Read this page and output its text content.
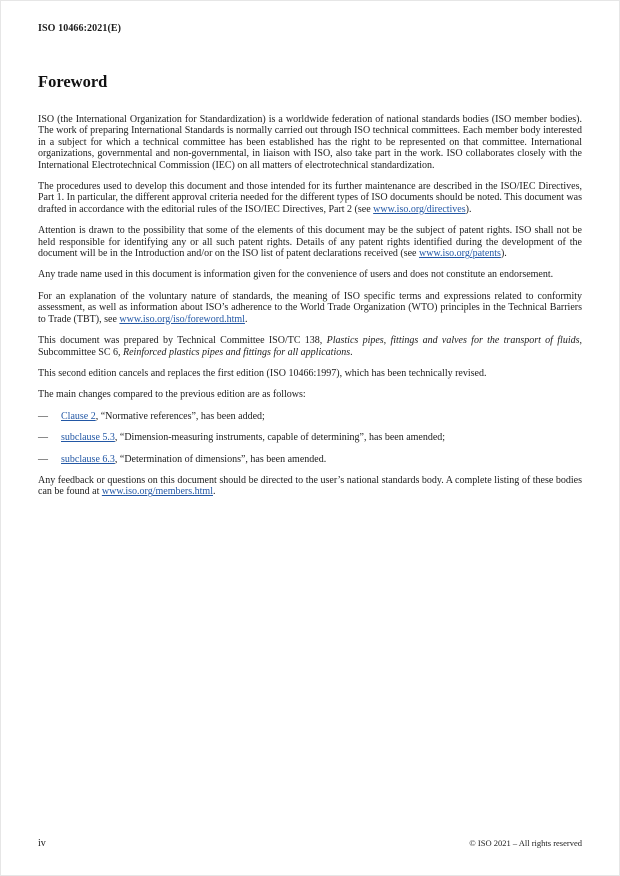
ISO 10466:2021(E)
Foreword

ISO (the International Organization for Standardization) is a worldwide federation of national standards bodies (ISO member bodies). The work of preparing International Standards is normally carried out through ISO technical committees. Each member body interested in a subject for which a technical committee has been established has the right to be represented on that committee. International organizations, governmental and non-governmental, in liaison with ISO, also take part in the work. ISO collaborates closely with the International Electrotechnical Commission (IEC) on all matters of electrotechnical standardization.

The procedures used to develop this document and those intended for its further maintenance are described in the ISO/IEC Directives, Part 1. In particular, the different approval criteria needed for the different types of ISO documents should be noted. This document was drafted in accordance with the editorial rules of the ISO/IEC Directives, Part 2 (see www.iso.org/directives).

Attention is drawn to the possibility that some of the elements of this document may be the subject of patent rights. ISO shall not be held responsible for identifying any or all such patent rights. Details of any patent rights identified during the development of the document will be in the Introduction and/or on the ISO list of patent declarations received (see www.iso.org/patents).

Any trade name used in this document is information given for the convenience of users and does not constitute an endorsement.

For an explanation of the voluntary nature of standards, the meaning of ISO specific terms and expressions related to conformity assessment, as well as information about ISO’s adherence to the World Trade Organization (WTO) principles in the Technical Barriers to Trade (TBT), see www.iso.org/iso/foreword.html.

This document was prepared by Technical Committee ISO/TC 138, Plastics pipes, fittings and valves for the transport of fluids, Subcommittee SC 6, Reinforced plastics pipes and fittings for all applications.

This second edition cancels and replaces the first edition (ISO 10466:1997), which has been technically revised.

The main changes compared to the previous edition are as follows:

—	Clause 2, “Normative references”, has been added;
—	subclause 5.3, “Dimension-measuring instruments, capable of determining”, has been amended;
—	subclause 6.3, “Determination of dimensions”, has been amended.

Any feedback or questions on this document should be directed to the user’s national standards body. A complete listing of these bodies can be found at www.iso.org/members.html.

iv	© ISO 2021 – All rights reserved
